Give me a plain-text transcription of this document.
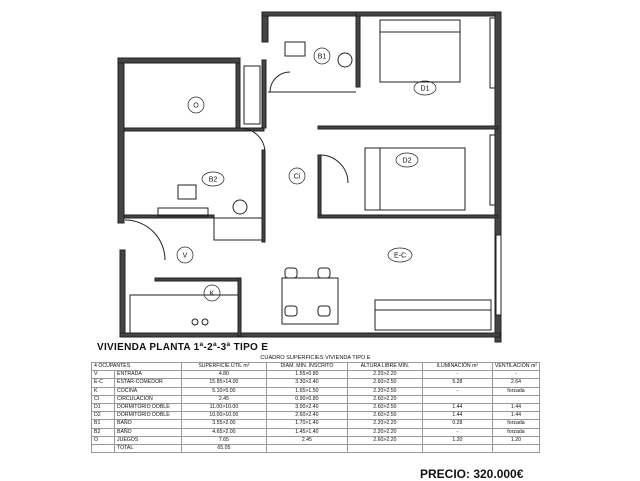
B1
D1
O
Ci
D2
B2
V	E-C
K
VIVIENDA PLANTA 1ª-2ª-3ª TIPO E
CUADRO SUPERFICIES VIVIENDA TIPO E
4 OCUPANTES		SUPERFICIE ÚTIL m²	DIAM. MIN. INSCRITO	ALTURA LIBRE MIN.	ILUMINACIÓN m²	VENTILACIÓN m²
V	ENTRADA	4.80	1.55>0.80	2.20>2.20	-	-
E-C	ESTAR-COMEDOR	15.85>14.00	3.30>2.40	2.60>2.50	5.28	2.64
K	COCINA	5.10>5.00	1.65>1.50	2.20>2.50	-	forzada
CI	CIRCULACION	2.45	0.90>0.80	2.60>2.20		
D1	DORMITORIO DOBLE	11.00>10.00	3.00>2.40	2.60>2.50	1.44	1.44
D2	DORMITORIO DOBLE	10.00>10.00	2.60>2.40	2.60>2.50	1.44	1.44
B1	BAÑO	3.55>2.00	1.70>1.40	2.20>2.20	0.28	forzada
B2	BAÑO	4.65>2.00	1.45>1.40	2.20>2.20	-	forzada
O	JUEGOS	7.65	2.45	2.60>2.20	1.20	1.20
	TOTAL	65.05				
PRECIO: 320.000€
